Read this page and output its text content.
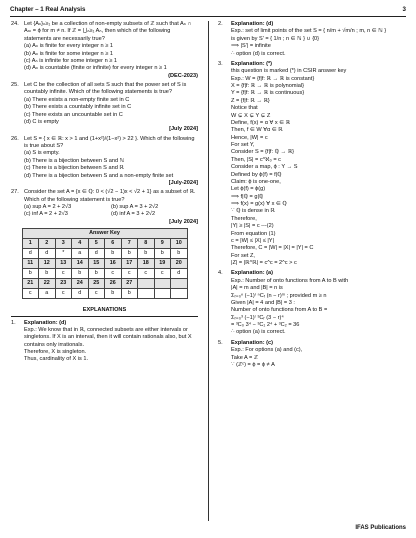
Chapter – 1 Real Analysis	3
24. Let {Aₙ}ₙ≥₁ be a collection of non-empty subsets of ℤ such that Aₙ ∩ Aₘ = ϕ for m ≠ n. If ℤ = ⋃ₙ≥₁ Aₙ, then which of the following statements are necessarily true?
(a) Aₙ is finite for every integer n ≥ 1
(b) Aₙ is finite for some integer n ≥ 1
(c) Aₙ is infinite for some integer n ≥ 1
(d) Aₙ is countable (finite or infinite) for every integer n ≥ 1
(DEC-2023)
25. Let C be the collection of all sets S such that the power set of S is countably infinite. Which of the following statements is true?
(a) There exists a non-empty finite set in C
(b) There exists a countably infinite set in C
(c) There exists an uncountable set in C
(d) C is empty
[July 2024]
26. Let S = { x ∈ ℝ: x > 1 and (1+x²)/(1−x²) > 22 }. Which of the following is true about S?
(a) S is empty.
(b) There is a bijection between S and ℕ
(c) There is a bijection between S and ℝ
(d) There is a bijection between S and a non-empty finite set
[July-2024]
27. Consider the set A = {x ∈ ℚ: 0 < (√2 − 1)x < √2 + 1} as a subset of ℝ. Which of the following statement is true?
(a) sup A = 2 + 2√3	(b) sup A = 3 + 2√2
(c) inf A = 2 + 2√3	(d) inf A = 3 + 2√2
[July 2024]
Answer Key									
1	2	3	4	5	6	7	8	9	10
d	d	*	a	d	b	b	b	b	b
11	12	13	14	15	16	17	18	19	20
b	b	c	b	b	c	c	c	c	d
21	22	23	24	25	26	27			
c	a	c	d	c	b	b			
EXPLANATIONS
1. Explanation: (d)
Exp.: We know that in ℝ, connected subsets are either intervals or singletons. If X is an interval, then it will contain rationals also, but X contains only irrationals.
Therefore, X is singleton.
Thus, cardinality of X is 1.
2. Explanation: (d)
Exp.: set of limit points of the set S = { n/m + √m/n ; m, n ∈ ℕ }
is given by S′ = { 1/n ; n ∈ ℕ } ∪ {0}
⟹ |S′| = infinite
∴ option (d) is correct.
3. Explanation: (*)
this question is marked (*) in CSIR answer key
Exp.: W = {f|f: ℝ → ℝ is constant}
X = {f|f: ℝ → ℝ is polynomial}
Y = {f|f: ℝ → ℝ is continuous}
Z = {f|f: ℝ → ℝ}
Notice that
W ⊊ X ⊊ Y ⊊ Z
Define, f(x) = α ∀ x ∈ ℝ
Then, f ∈ W ∀α ∈ ℝ
Hence, |W| = c
For set Y,
Consider S = {f|f: ℚ → ℝ}
Then, |S| = c^ℵ₀ = c
Consider a map, ϕ : Y → S
Defined by ϕ(f) = f|ℚ
Claim: ϕ is one-one,
Let ϕ(f) = ϕ(g)
⟹ f|ℚ = g|ℚ
⟹ f(x) = g(x) ∀ x ∈ ℚ
∵ ℚ is dense in ℝ
Therefore,
|Y| ≥ |S| = c ---(2)
From equation (1)
c = |W| ≤ |X| ≤ |Y|
Therefore, C = |W| = |X| = |Y| = C
For set Z,
|Z| = |ℝ^ℝ| = c^c = 2^c > c
4. Explanation: (a)
Exp.: Number of onto functions from A to B with
|A| = m and |B| = n is
Σᵣ₌₀ⁿ (−1)ʳ ⁿCᵣ (n − r)ᵐ ; provided m ≥ n
Given |A| = 4 and |B| = 3 :
Number of onto functions from A to B =
Σᵣ₌₀³ (−1)ʳ ³Cᵣ (3 − r)⁴
= ³C₀ 3⁴ − ³C₁ 2⁴ + ³C₂ = 36
∴ option (a) is correct.
5. Explanation: (c)
Exp.: For options (a) and (c),
Take A = ℤ
∵ (ℤᶜ) = ϕ = ϕ ≠ A
IFAS Publications
